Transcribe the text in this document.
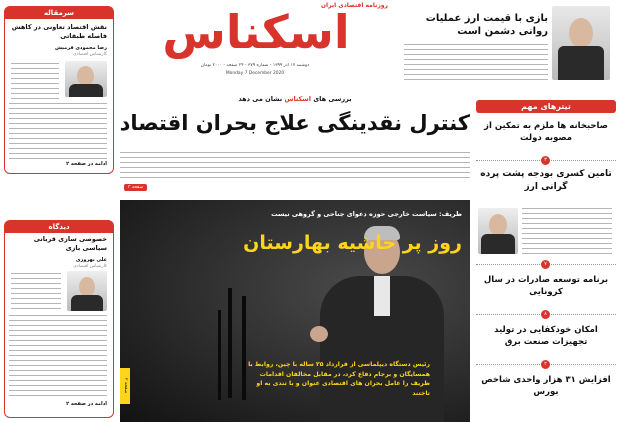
روزنامه اقتصادی ایران
اسکناس
دوشنبه ۱۷ آذر ۱۳۹۹ - شماره ۳۷۹ - ۲۴ صفحه - ۲۰۰۰ تومان
Monday 7 December 2020
بازی با قیمت ارز عملیات روانی دشمن است
سرمقاله
نقش اقتصاد تعاونی در کاهش فاصله طبقاتی
رضا محمودی فرمیش
کارشناس اقتصادی
ادامه در صفحه ۲
دیدگاه
خصوصی سازی قربانی سیاسی بازی
علی بهروزی
کارشناس اقتصادی
ادامه در صفحه ۲
بررسی های اسکناس نشان می دهد
کنترل نقدینگی علاج بحران اقتصاد
صفحه ۳
ظریف: سیاست خارجی حوزه دعوای جناحی و گروهی نیست
روز پر حاشیه بهارستان
رئیس دستگاه دیپلماسی از قرارداد ۲۵ ساله با چین، روابط با همسایگان و برجام دفاع کرد، در مقابل مخالفان اقدامات ظریف را عامل بحران های اقتصادی عنوان و با تندی به او تاختند
صفحه ۲
تیترهای مهم
صاحبخانه ها ملزم به تمکین از مصوبه دولت
۳
تامین کسری بودجه پشت پرده گرانی ارز
۷
برنامه توسعه صادرات در سال کرونایی
۸
امکان خودکفایی در تولید تجهیزات صنعت برق
۲
افزایش ۳۱ هزار واحدی شاخص بورس
